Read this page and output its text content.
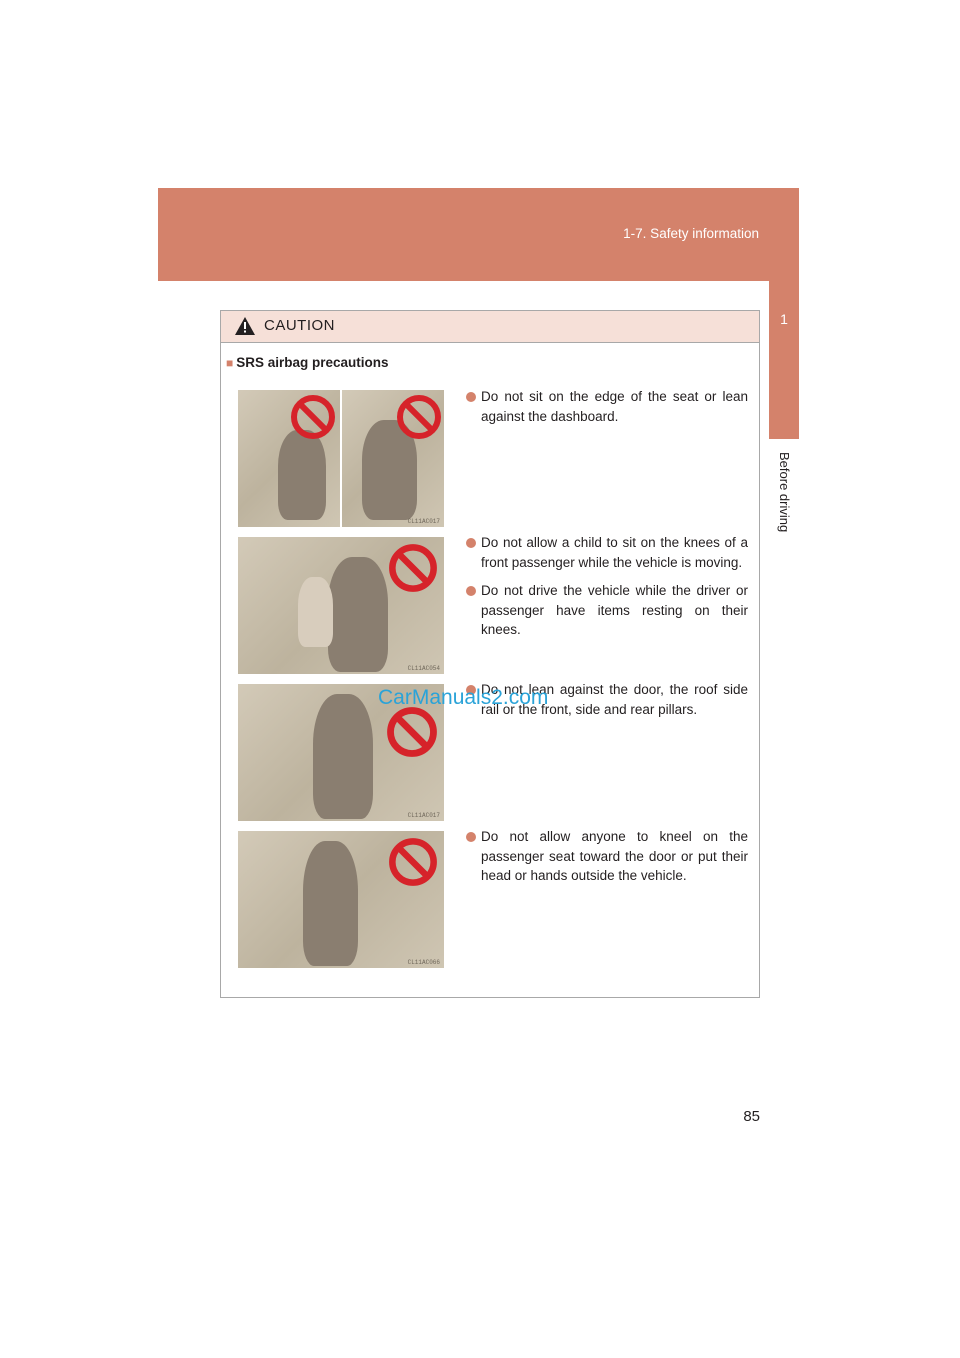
1-7. Safety information
1
Before driving
CAUTION
■ SRS airbag precautions
CL11AC017
CL11AC054
CL11AC017
CL11AC066
Do not sit on the edge of the seat or lean against the dashboard.
Do not allow a child to sit on the knees of a front passenger while the vehicle is moving.
Do not drive the vehicle while the driver or passenger have items resting on their knees.
Do not lean against the door, the roof side rail or the front, side and rear pillars.
Do not allow anyone to kneel on the passenger seat toward the door or put their head or hands outside the vehicle.
CarManuals2.com
85
